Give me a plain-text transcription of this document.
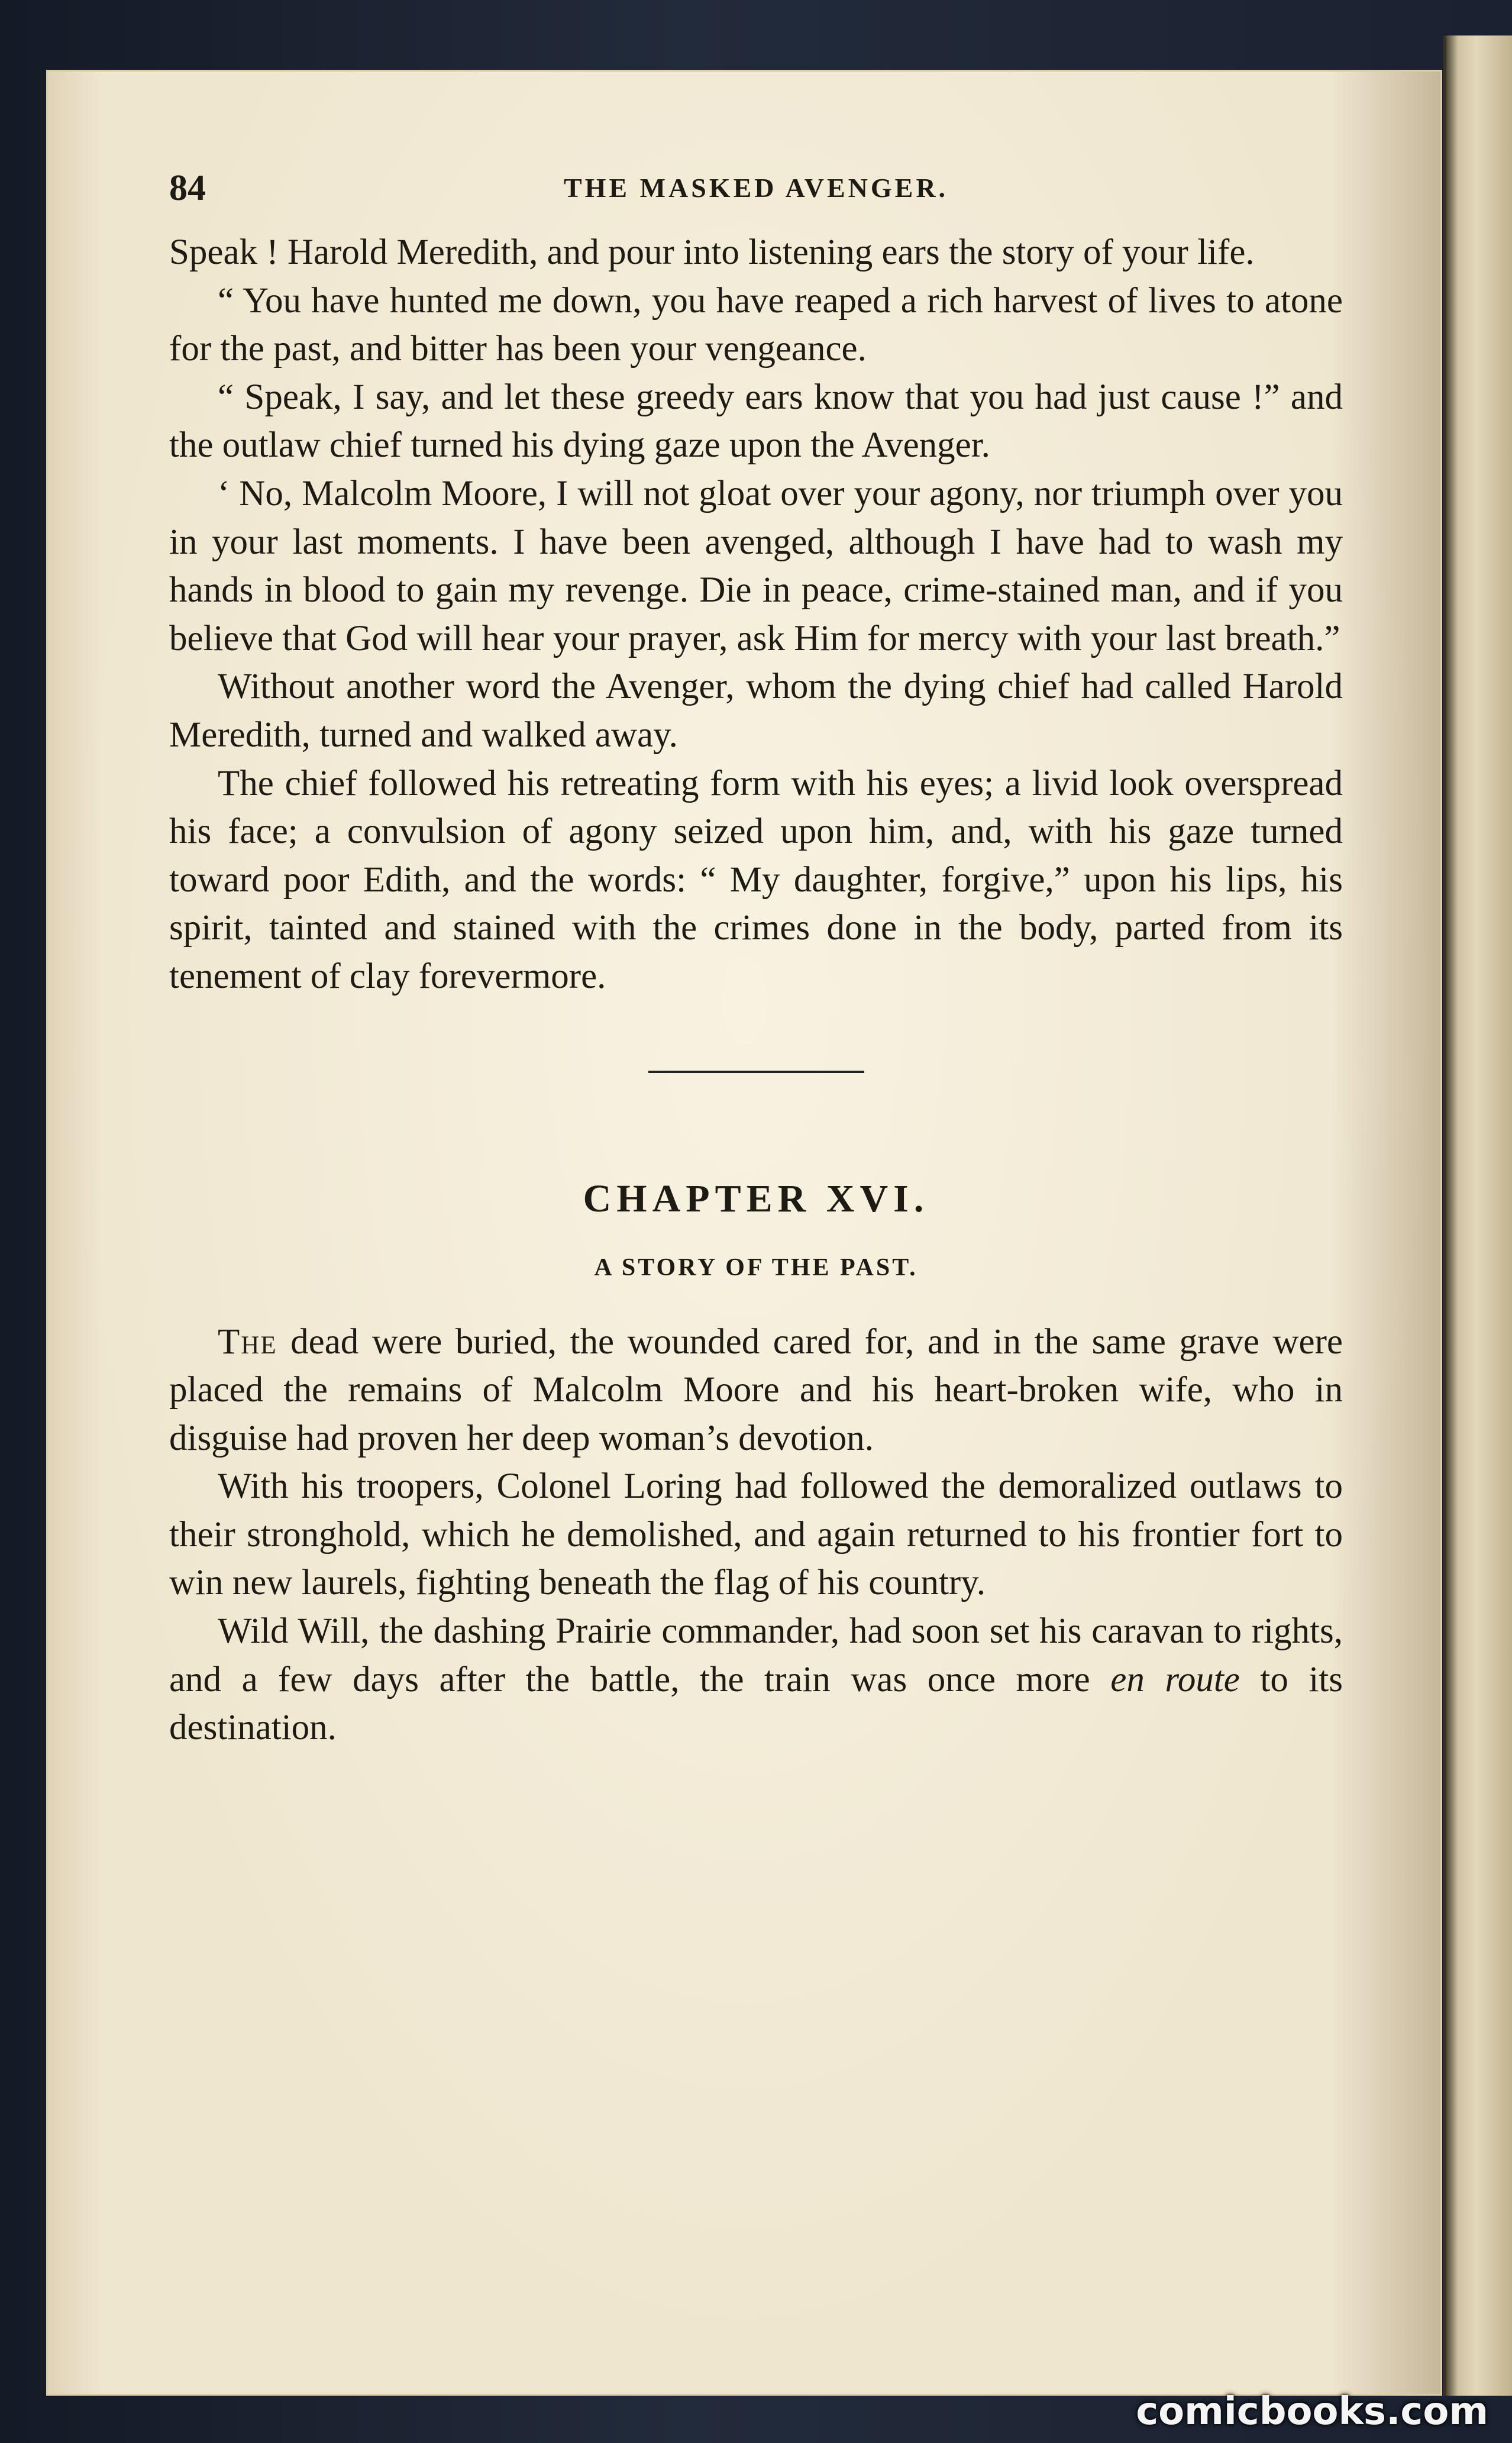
84	THE MASKED AVENGER.

Speak ! Harold Meredith, and pour into listening ears the story of your life.

“ You have hunted me down, you have reaped a rich harvest of lives to atone for the past, and bitter has been your vengeance.

“ Speak, I say, and let these greedy ears know that you had just cause !” and the outlaw chief turned his dying gaze upon the Avenger.

‘ No, Malcolm Moore, I will not gloat over your agony, nor triumph over you in your last moments. I have been avenged, although I have had to wash my hands in blood to gain my revenge. Die in peace, crime-stained man, and if you believe that God will hear your prayer, ask Him for mercy with your last breath.”

Without another word the Avenger, whom the dying chief had called Harold Meredith, turned and walked away.

The chief followed his retreating form with his eyes; a livid look overspread his face; a convulsion of agony seized upon him, and, with his gaze turned toward poor Edith, and the words: “ My daughter, forgive,” upon his lips, his spirit, tainted and stained with the crimes done in the body, parted from its tenement of clay forevermore.

CHAPTER XVI.
A STORY OF THE PAST.

The dead were buried, the wounded cared for, and in the same grave were placed the remains of Malcolm Moore and his heart-broken wife, who in disguise had proven her deep woman’s devotion.

With his troopers, Colonel Loring had followed the demoralized outlaws to their stronghold, which he demolished, and again returned to his frontier fort to win new laurels, fighting beneath the flag of his country.

Wild Will, the dashing Prairie commander, had soon set his caravan to rights, and a few days after the battle, the train was once more en route to its destination.

comicbooks.com
